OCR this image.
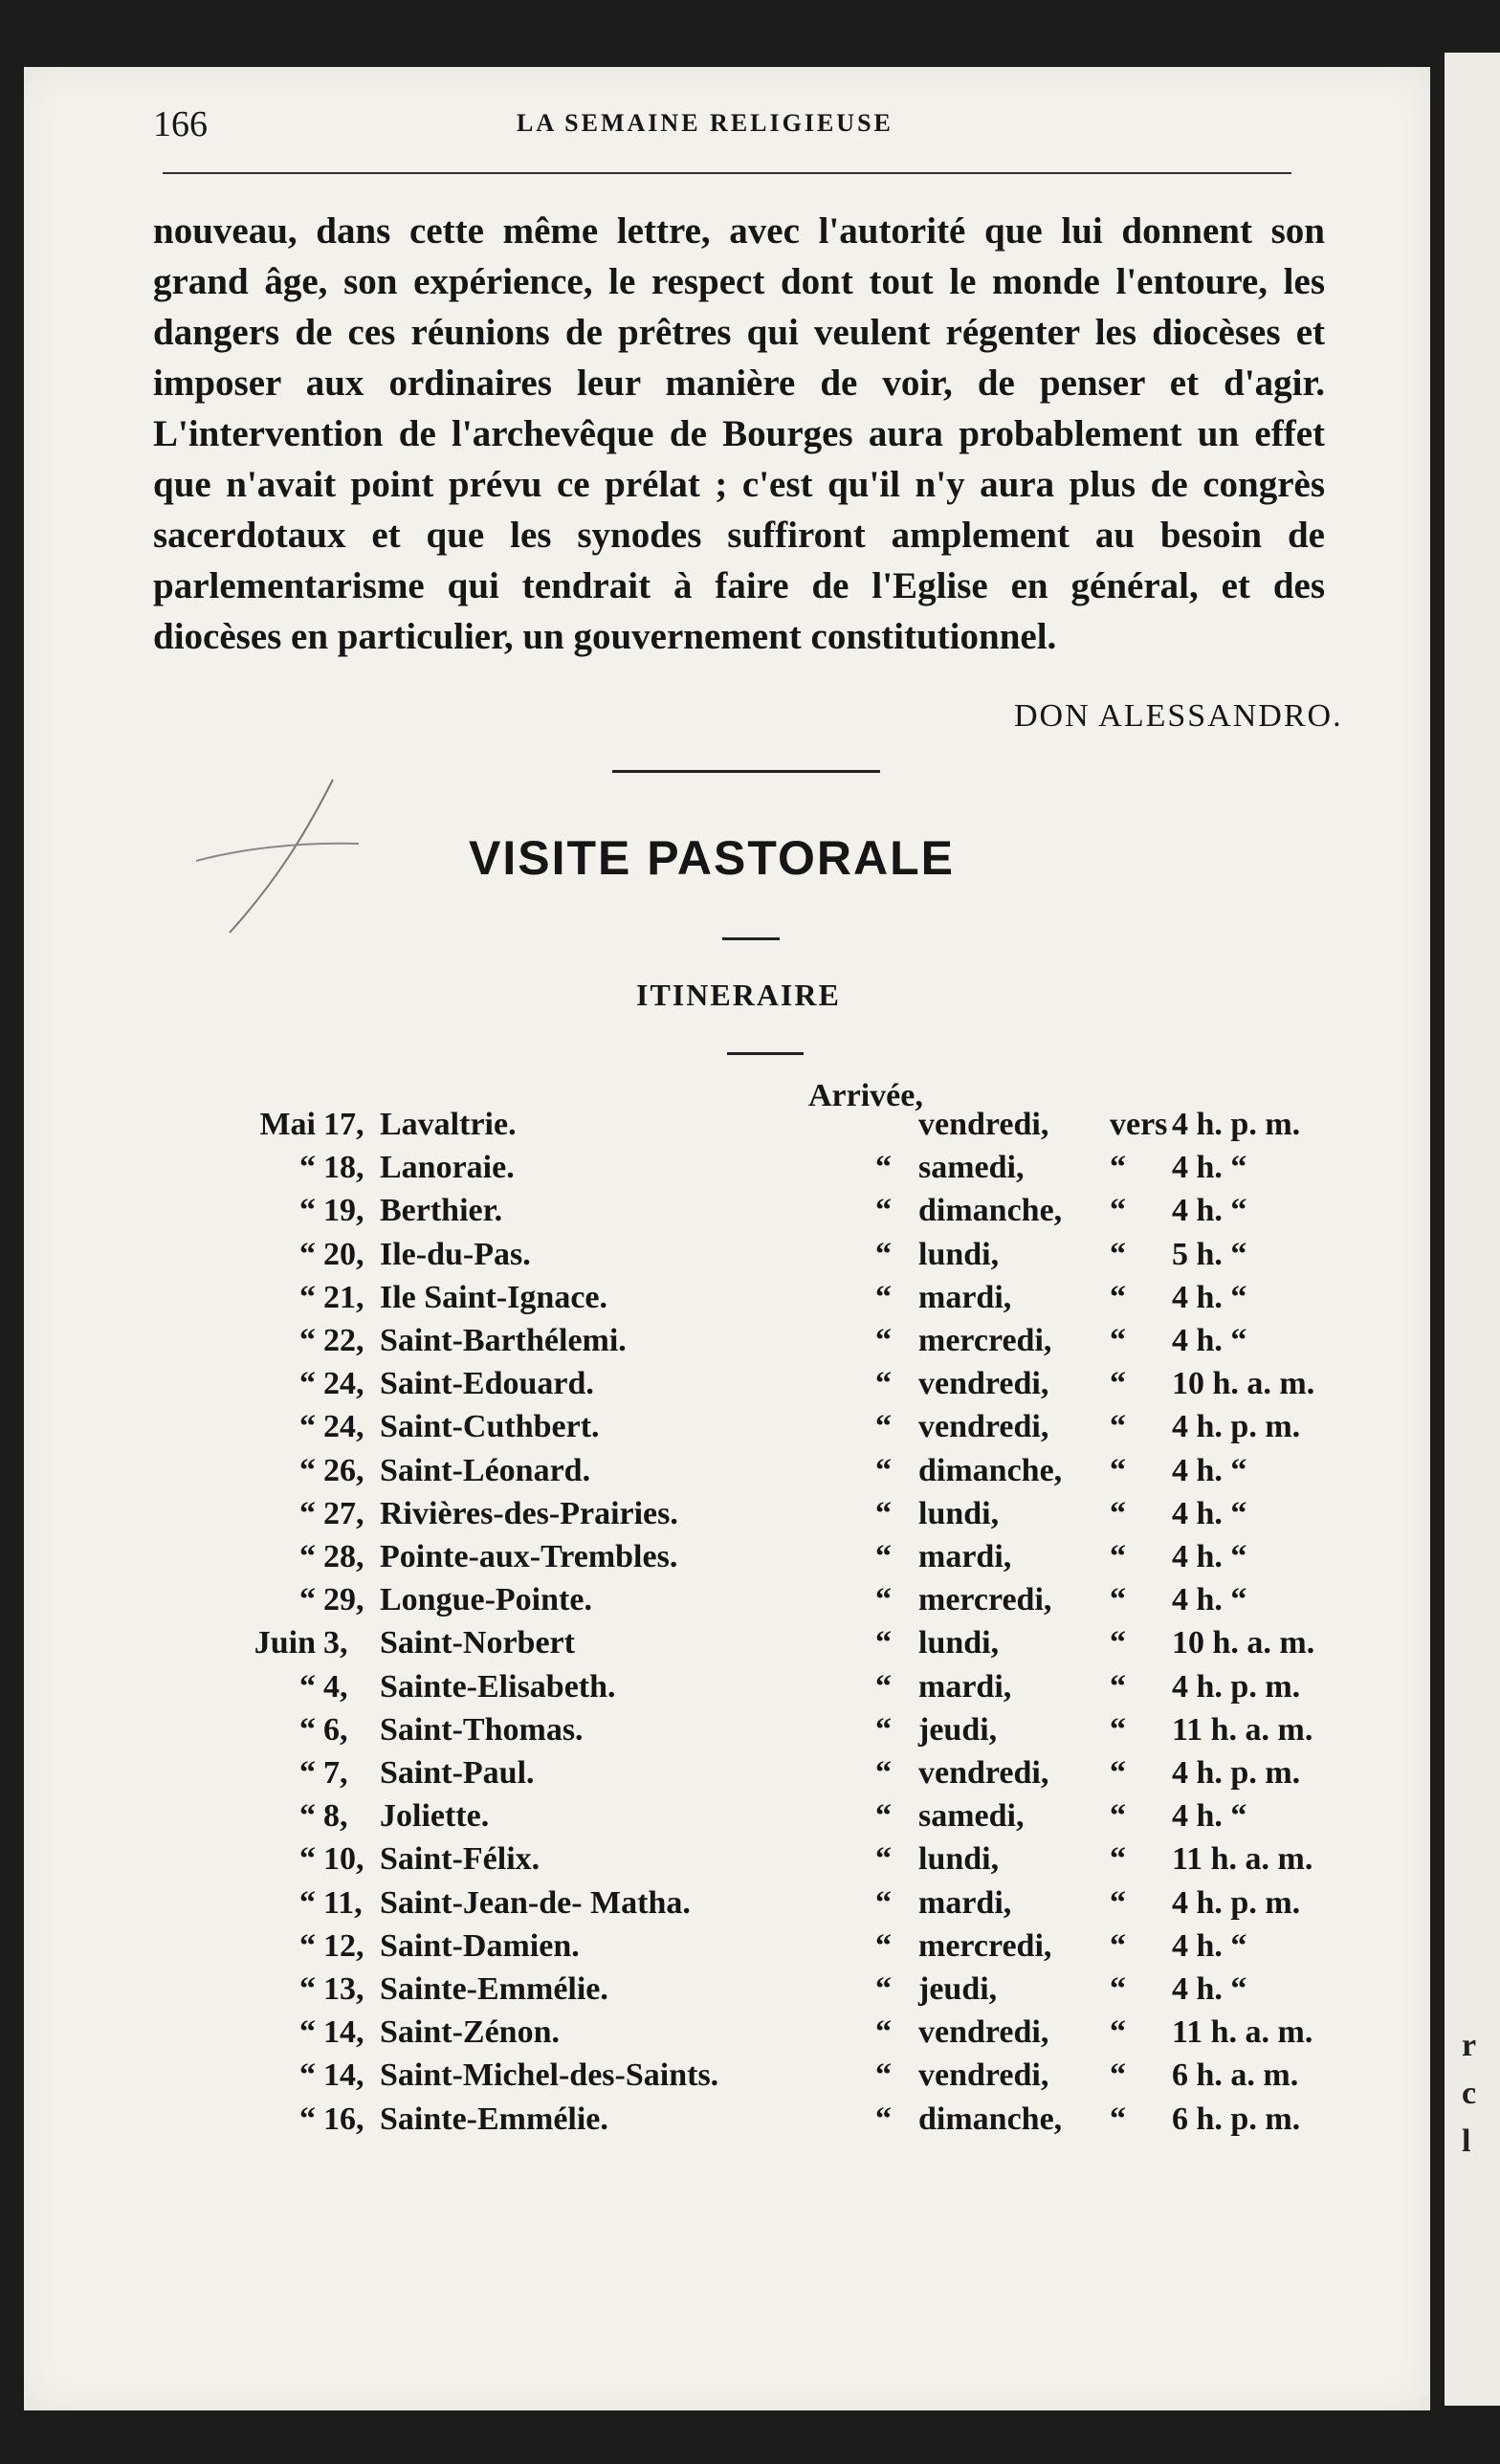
r
c
l
166	LA SEMAINE RELIGIEUSE

nouveau, dans cette même lettre, avec l'autorité que lui donnent son grand âge, son expérience, le respect dont tout le monde l'entoure, les dangers de ces réunions de prêtres qui veulent régenter les diocèses et imposer aux ordinaires leur manière de voir, de penser et d'agir. L'intervention de l'archevêque de Bourges aura probablement un effet que n'avait point prévu ce prélat ; c'est qu'il n'y aura plus de congrès sacerdotaux et que les synodes suffiront amplement au besoin de parlementarisme qui tendrait à faire de l'Eglise en général, et des diocèses en particulier, un gouvernement constitutionnel.

DON ALESSANDRO.
VISITE PASTORALE
ITINERAIRE
Arrivée,
Mai 17, Lavaltrie.	vendredi, vers 4 h. p. m.
“ 18, Lanoraie.	“ samedi,	“ 4 h. “
“ 19, Berthier.	“ dimanche, “ 4 h. “
“ 20, Ile-du-Pas.	“ lundi,	“ 5 h. “
“ 21, Ile Saint-Ignace.	“ mardi,	“ 4 h. “
“ 22, Saint-Barthélemi.	“ mercredi, “ 4 h. “
“ 24, Saint-Edouard.	“ vendredi, “ 10 h. a. m.
“ 24, Saint-Cuthbert.	“ vendredi, “ 4 h. p. m.
“ 26, Saint-Léonard.	“ dimanche, “ 4 h. “
“ 27, Rivières-des-Prairies.	“ lundi,	“ 4 h. “
“ 28, Pointe-aux-Trembles.	“ mardi,	“ 4 h. “
“ 29, Longue-Pointe.	“ mercredi, “ 4 h. “
Juin 3, Saint-Norbert	“ lundi,	“ 10 h. a. m.
“ 4, Sainte-Elisabeth.	“ mardi,	“ 4 h. p. m.
“ 6, Saint-Thomas.	“ jeudi,	“ 11 h. a. m.
“ 7, Saint-Paul.	“ vendredi, “ 4 h. p. m.
“ 8, Joliette.	“ samedi,	“ 4 h. “
“ 10, Saint-Félix.	“ lundi,	“ 11 h. a. m.
“ 11, Saint-Jean-de- Matha.	“ mardi,	“ 4 h. p. m.
“ 12, Saint-Damien.	“ mercredi, “ 4 h. “
“ 13, Sainte-Emmélie.	“ jeudi,	“ 4 h. “
“ 14, Saint-Zénon.	“ vendredi, “ 11 h. a. m.
“ 14, Saint-Michel-des-Saints.	“ vendredi, “ 6 h. a. m.
“ 16, Sainte-Emmélie.	“ dimanche, “ 6 h. p. m.
